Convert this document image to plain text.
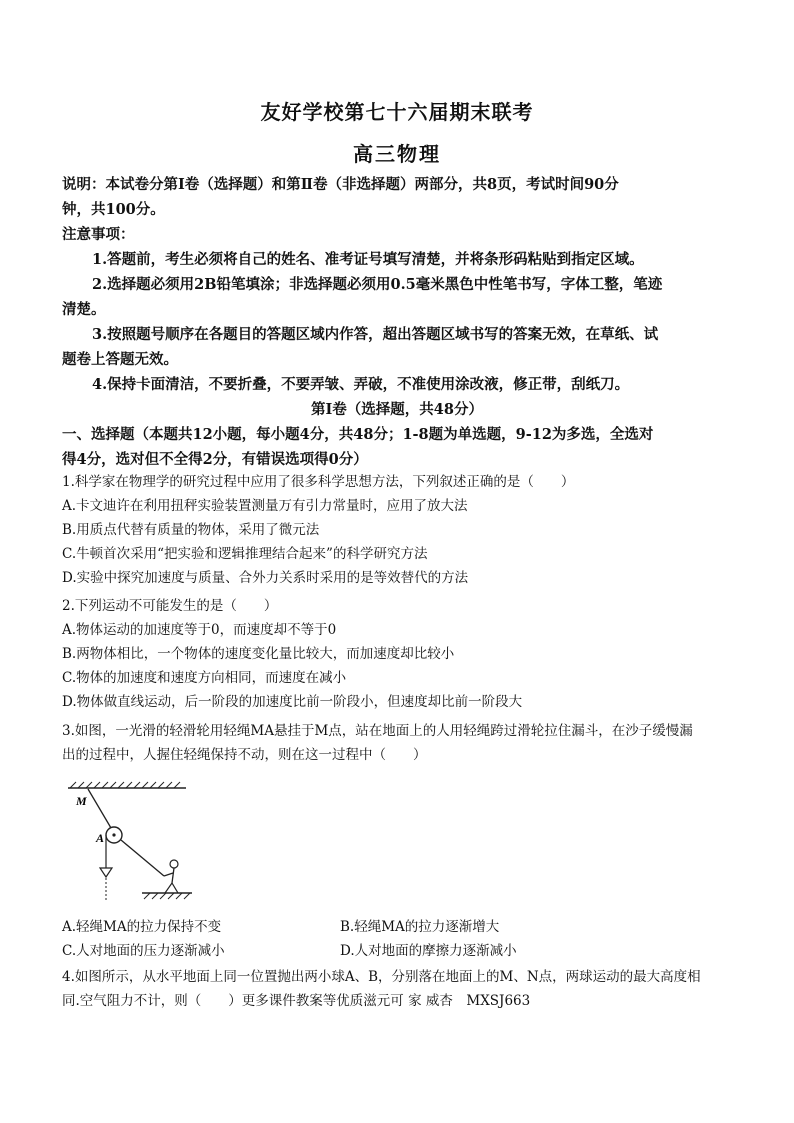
友好学校第七十六届期末联考
高三物理
说明：本试卷分第Ⅰ卷（选择题）和第Ⅱ卷（非选择题）两部分，共8页，考试时间90分
钟，共100分。
注意事项：
1.答题前，考生必须将自己的姓名、准考证号填写清楚，并将条形码粘贴到指定区域。
2.选择题必须用2B铅笔填涂；非选择题必须用0.5毫米黑色中性笔书写，字体工整，笔迹
清楚。
3.按照题号顺序在各题目的答题区域内作答，超出答题区域书写的答案无效，在草纸、试
题卷上答题无效。
4.保持卡面清洁，不要折叠，不要弄皱、弄破，不准使用涂改液，修正带，刮纸刀。
第Ⅰ卷（选择题，共48分）
一、选择题（本题共12小题，每小题4分，共48分；1-8题为单选题，9-12为多选，全选对
得4分，选对但不全得2分，有错误选项得0分）
1.科学家在物理学的研究过程中应用了很多科学思想方法，下列叙述正确的是（　　）
A.卡文迪许在利用扭秤实验装置测量万有引力常量时，应用了放大法
B.用质点代替有质量的物体，采用了微元法
C.牛顿首次采用“把实验和逻辑推理结合起来”的科学研究方法
D.实验中探究加速度与质量、合外力关系时采用的是等效替代的方法
2.下列运动不可能发生的是（　　）
A.物体运动的加速度等于0，而速度却不等于0
B.两物体相比，一个物体的速度变化量比较大，而加速度却比较小
C.物体的加速度和速度方向相同，而速度在减小
D.物体做直线运动，后一阶段的加速度比前一阶段小，但速度却比前一阶段大
3.如图，一光滑的轻滑轮用轻绳MA悬挂于M点，站在地面上的人用轻绳跨过滑轮拉住漏斗，在沙子缓慢漏
出的过程中，人握住轻绳保持不动，则在这一过程中（　　）
M
A
A.轻绳MA的拉力保持不变	B.轻绳MA的拉力逐渐增大
C.人对地面的压力逐渐减小	D.人对地面的摩擦力逐渐减小
4.如图所示，从水平地面上同一位置抛出两小球A、B，分别落在地面上的M、N点，两球运动的最大高度相
同.空气阻力不计，则（　　）更多课件教案等优质滋元可 家 威杏　MXSJ663
